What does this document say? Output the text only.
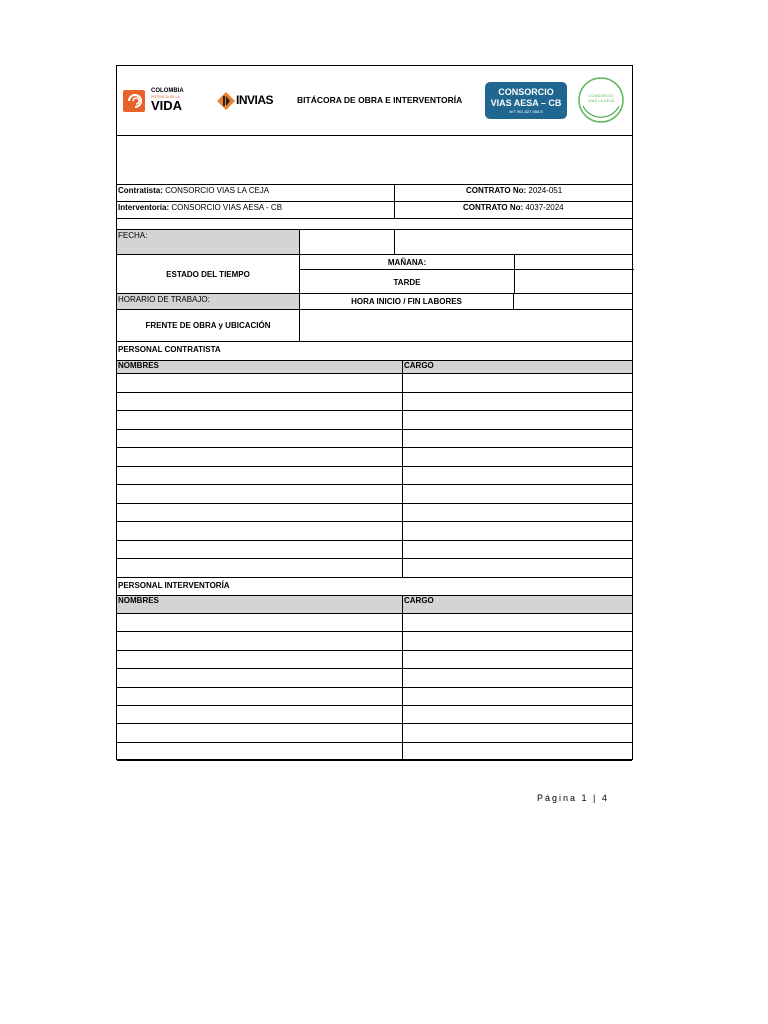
COLOMBIA
POTENCIA DE LA
VIDA	INVIAS	BITÁCORA DE OBRA E INTERVENTORÍA
CONSORCIO
VIAS AESA – CB
NIT 901.827.985-5
CONSORCIO
VIAS LA CEJA
Contratista: CONSORCIO VIAS LA CEJA	CONTRATO No: 2024-051
Interventoría: CONSORCIO VIAS AESA - CB	CONTRATO No: 4037-2024
FECHA:
ESTADO DEL TIEMPO
MAÑANA:
TARDE
HORARIO DE TRABAJO:	HORA INICIO / FIN LABORES
FRENTE DE OBRA y UBICACIÓN
PERSONAL CONTRATISTA
NOMBRES	CARGO
PERSONAL INTERVENTORÍA
NOMBRES	CARGO
Página 1 | 4
